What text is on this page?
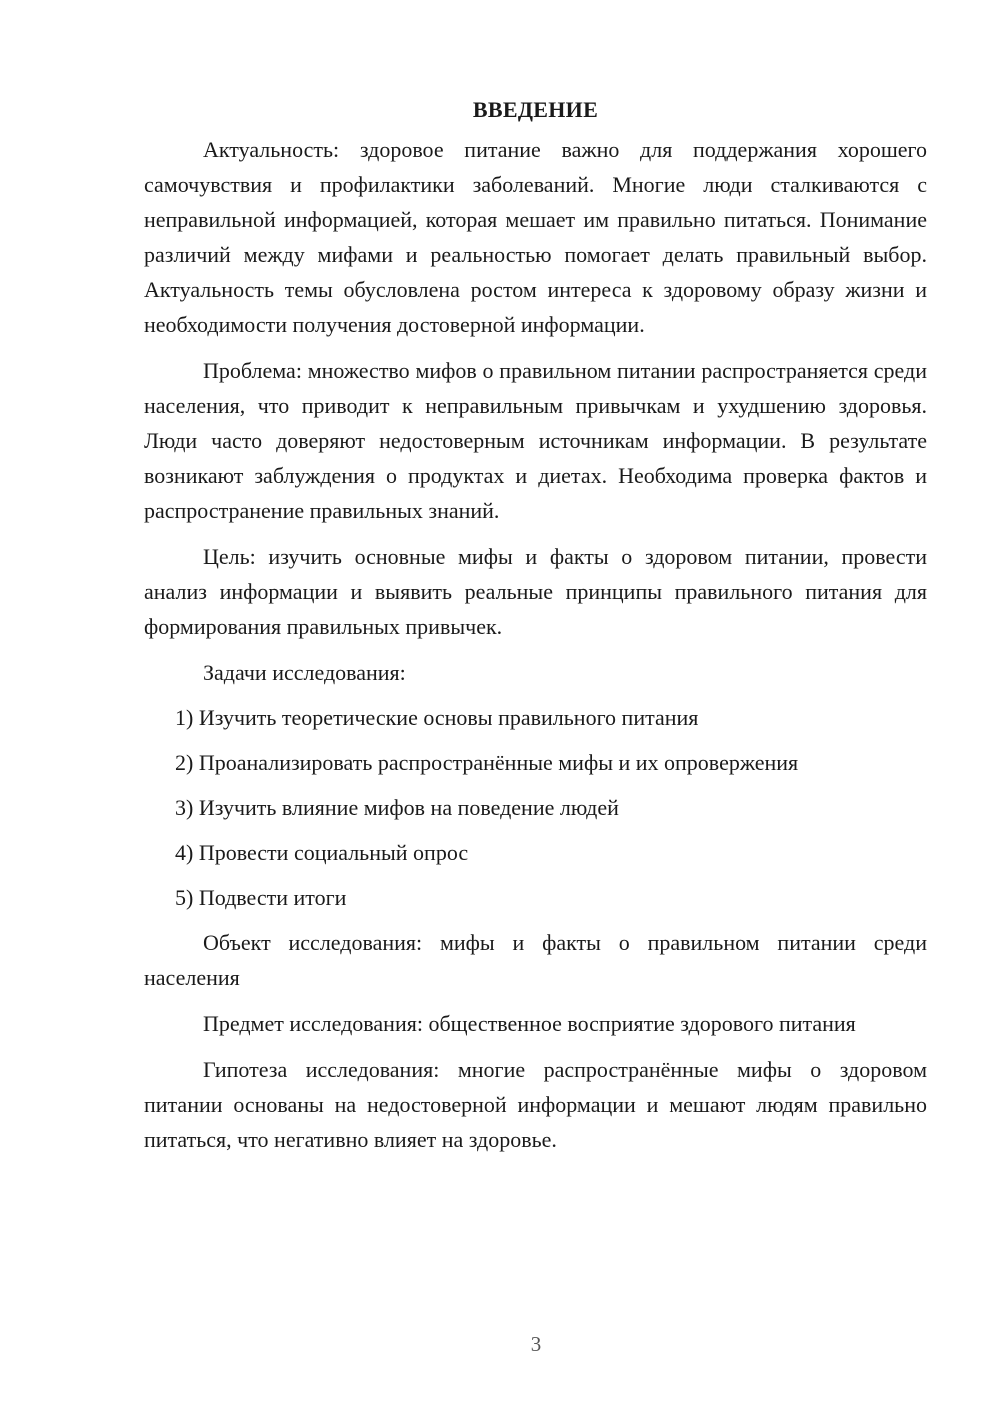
ВВЕДЕНИЕ

Актуальность: здоровое питание важно для поддержания хорошего самочувствия и профилактики заболеваний. Многие люди сталкиваются с неправильной информацией, которая мешает им правильно питаться. Понимание различий между мифами и реальностью помогает делать правильный выбор. Актуальность темы обусловлена ростом интереса к здоровому образу жизни и необходимости получения достоверной информации.

Проблема: множество мифов о правильном питании распространяется среди населения, что приводит к неправильным привычкам и ухудшению здоровья. Люди часто доверяют недостоверным источникам информации. В результате возникают заблуждения о продуктах и диетах. Необходима проверка фактов и распространение правильных знаний.

Цель: изучить основные мифы и факты о здоровом питании, провести анализ информации и выявить реальные принципы правильного питания для формирования правильных привычек.

Задачи исследования:
1) Изучить теоретические основы правильного питания
2) Проанализировать распространённые мифы и их опровержения
3) Изучить влияние мифов на поведение людей
4) Провести социальный опрос
5) Подвести итоги

Объект исследования: мифы и факты о правильном питании среди населения

Предмет исследования: общественное восприятие здорового питания

Гипотеза исследования: многие распространённые мифы о здоровом питании основаны на недостоверной информации и мешают людям правильно питаться, что негативно влияет на здоровье.

3
